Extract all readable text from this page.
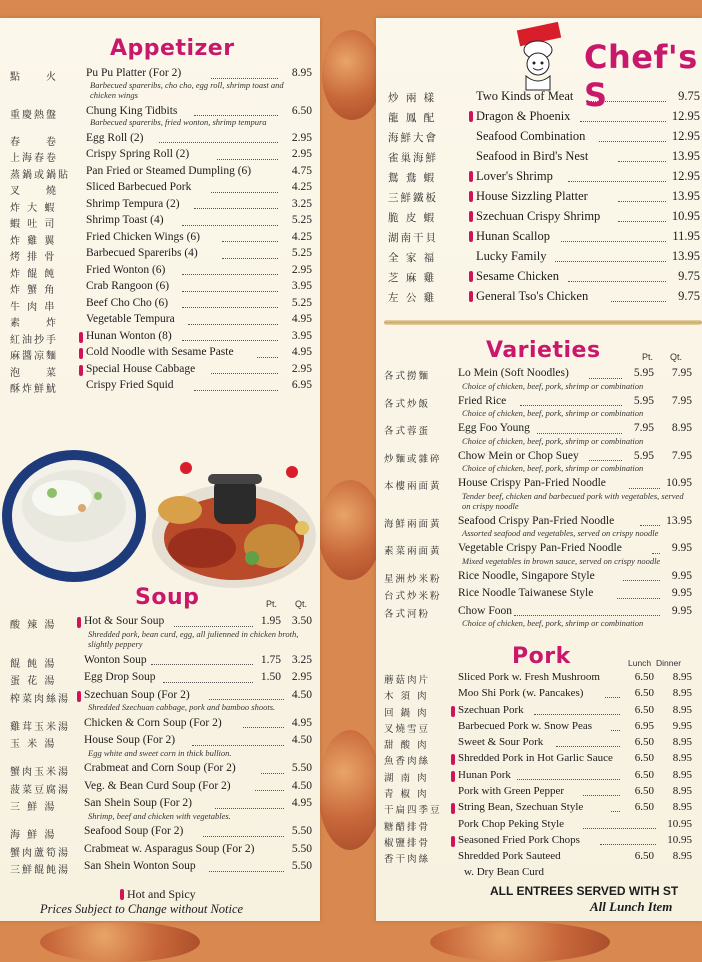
Appetizer
點　　火 Pu Pu Platter (For 2)	8.95
Barbecued spareribs, cho cho, egg roll, shrimp toast and chicken wings
重慶熱盤 Chung King Tidbits	6.50
Barbecued spareribs, fried wonton, shrimp tempura
春　　卷 Egg Roll (2)	2.95
上海春卷 Crispy Spring Roll (2)	2.95
蒸鍋或鍋貼 Pan Fried or Steamed Dumpling (6)	4.75
叉　　燒 Sliced Barbecued Pork	4.25
炸 大 蝦	Shrimp Tempura (2)	3.25
蝦 吐 司	Shrimp Toast (4)	5.25
炸 雞 翼	Fried Chicken Wings (6)	4.25
烤 排 骨	Barbecued Spareribs (4)	5.25
炸 餛 飩	Fried Wonton (6)	2.95
炸 蟹 角	Crab Rangoon (6)	3.95
牛 肉 串	Beef Cho Cho (6)	5.25
素　　炸 Vegetable Tempura	4.95
紅油抄手 Hunan Wonton (8)	3.95
麻醬凉麵 Cold Noodle with Sesame Paste	4.95
泡　　菜 Special House Cabbage	2.95
酥炸鮮魷 Crispy Fried Squid	6.95
Soup	Pt. Qt.
酸 辣 湯 Hot & Sour Soup	1.95 3.50
Shredded pork, bean curd, egg, all julienned in chicken broth, slightly peppery
餛 飩 湯 Wonton Soup	1.75 3.25
蛋 花 湯 Egg Drop Soup	1.50 2.95
榨菜肉絲湯 Szechuan Soup (For 2)	4.50
Shredded Szechuan cabbage, pork and bamboo shoots.
雞茸玉米湯 Chicken & Corn Soup (For 2)	4.95
玉 米 湯 House Soup (For 2)	4.50
Egg white and sweet corn in thick bullion.
蟹肉玉米湯 Crabmeat and Corn Soup (For 2)	5.50
菠菜豆腐湯 Veg. & Bean Curd Soup (For 2)	4.50
三 鮮 湯 San Shein Soup (For 2)	4.95
Shrimp, beef and chicken with vegetables.
海 鮮 湯 Seafood Soup (For 2)	5.50
蟹肉蘆筍湯 Crabmeat w. Asparagus Soup (For 2)	5.50
三鮮餛飩湯 San Shein Wonton Soup	5.50
Hot and Spicy
Prices Subject to Change without Notice
Chef's S
炒 兩 樣	Two Kinds of Meat	9.75
龍 鳳 配	Dragon & Phoenix	12.95
海鮮大會	Seafood Combination	12.95
雀巢海鮮	Seafood in Bird's Nest	13.95
鴛 鴦 蝦	Lover's Shrimp	12.95
三鮮鐵板	House Sizzling Platter	13.95
脆 皮 蝦	Szechuan Crispy Shrimp	10.95
湖南干貝	Hunan Scallop	11.95
全 家 福	Lucky Family	13.95
芝 麻 雞	Sesame Chicken	9.75
左 公 雞	General Tso's Chicken	9.75
Varieties	Pt. Qt.
各式撈麵 Lo Mein (Soft Noodles)	5.95	7.95
Choice of chicken, beef, pork, shrimp or combination
各式炒飯 Fried Rice	5.95	7.95
Choice of chicken, beef, pork, shrimp or combination
各式蓉蛋 Egg Foo Young	7.95	8.95
Choice of chicken, beef, pork, shrimp or combination
炒麵或雜碎 Chow Mein or Chop Suey	5.95	7.95
Choice of chicken, beef, pork, shrimp or combination
本樓兩面黃 House Crispy Pan-Fried Noodle	10.95
Tender beef, chicken and barbecued pork with vegetables, served on crispy noodle
海鮮兩面黃 Seafood Crispy Pan-Fried Noodle	13.95
Assorted seafood and vegetables, served on crispy noodle
素菜兩面黃 Vegetable Crispy Pan-Fried Noodle	9.95
Mixed vegetables in brown sauce, served on crispy noodle
星洲炒米粉 Rice Noodle, Singapore Style	9.95
台式炒米粉 Rice Noodle Taiwanese Style	9.95
各式河粉 Chow Foon	9.95
Choice of chicken, beef, pork, shrimp or combination
Pork	Lunch Dinner
蘑菇肉片	Sliced Pork w. Fresh Mushroom	6.50	8.95
木 須 肉	Moo Shi Pork (w. Pancakes)	6.50	8.95
回 鍋 肉	Szechuan Pork	6.50	8.95
叉燒雪豆	Barbecued Pork w. Snow Peas	6.95	9.95
甜 酸 肉	Sweet & Sour Pork	6.50	8.95
魚香肉絲	Shredded Pork in Hot Garlic Sauce	6.50	8.95
湖 南 肉	Hunan Pork	6.50	8.95
青 椒 肉	Pork with Green Pepper	6.50	8.95
干扁四季豆 String Bean, Szechuan Style	6.50	8.95
糖醋排骨	Pork Chop Peking Style	10.95
椒鹽排骨	Seasoned Fried Pork Chops	10.95
香干肉絲	Shredded Pork Sauteed	6.50	8.95
w. Dry Bean Curd
ALL ENTREES SERVED WITH ST
All Lunch Item
